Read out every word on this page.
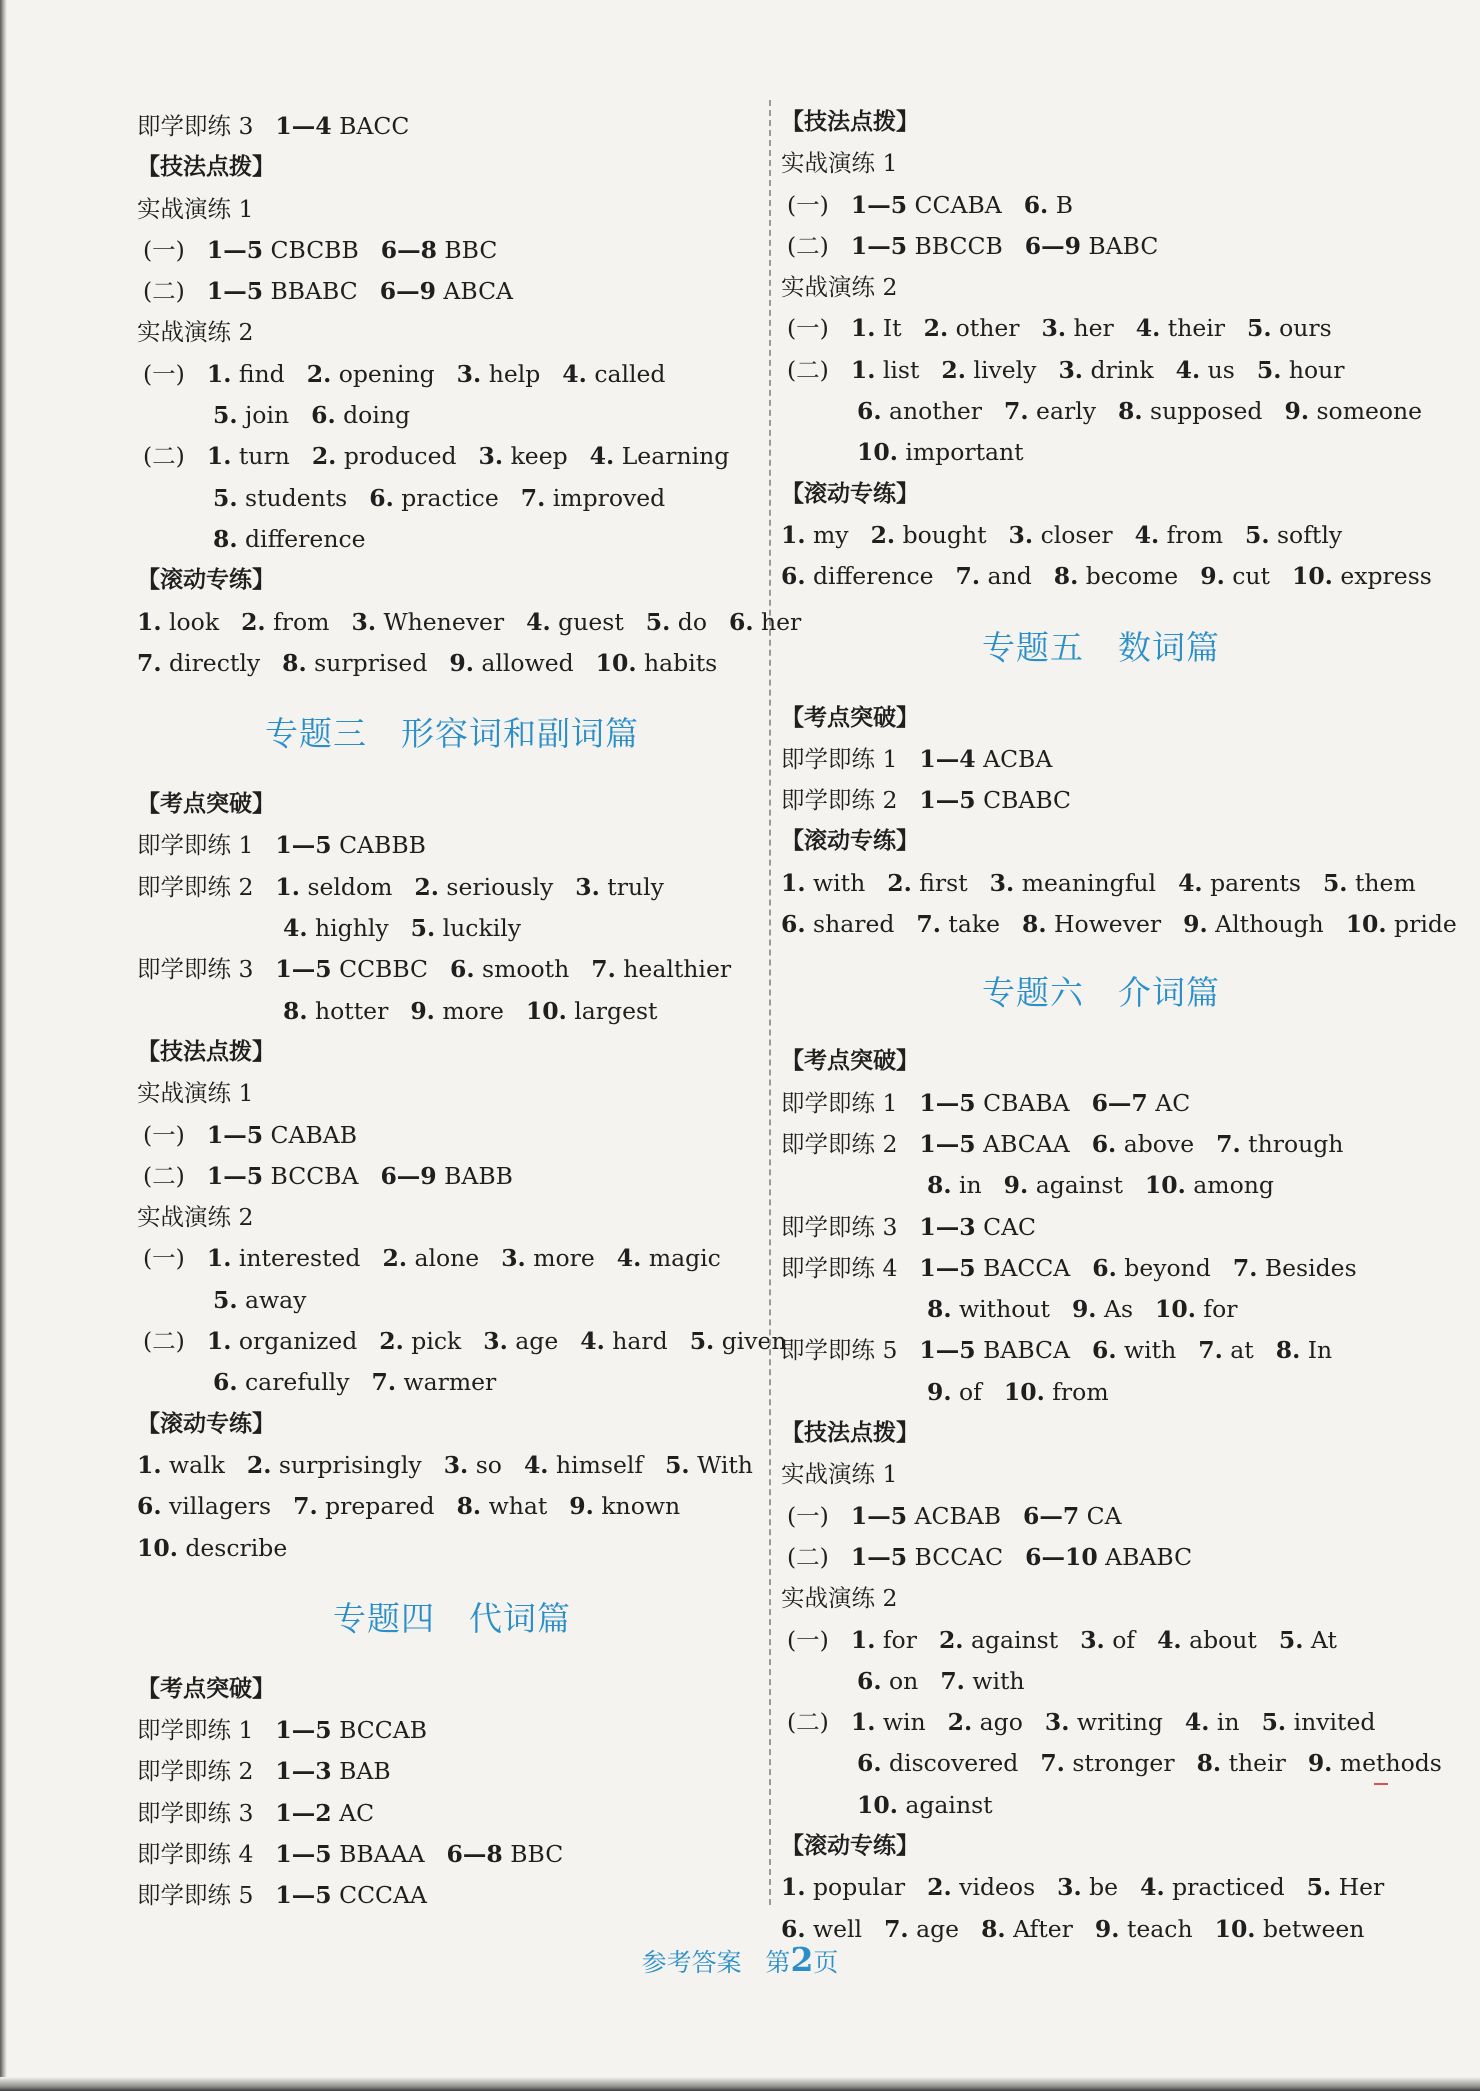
即学即练 3 1—4 BACC
【技法点拨】
实战演练 1
(一) 1—5 CBCBB 6—8 BBC
(二) 1—5 BBABC 6—9 ABCA
实战演练 2
(一) 1. find 2. opening 3. help 4. called
5. join 6. doing
(二) 1. turn 2. produced 3. keep 4. Learning
5. students 6. practice 7. improved
8. difference
【滚动专练】
1. look 2. from 3. Whenever 4. guest 5. do 6. her
7. directly 8. surprised 9. allowed 10. habits
专题三 形容词和副词篇
【考点突破】
即学即练 1 1—5 CABBB
即学即练 2 1. seldom 2. seriously 3. truly
4. highly 5. luckily
即学即练 3 1—5 CCBBC 6. smooth 7. healthier
8. hotter 9. more 10. largest
【技法点拨】
实战演练 1
(一) 1—5 CABAB
(二) 1—5 BCCBA 6—9 BABB
实战演练 2
(一) 1. interested 2. alone 3. more 4. magic
5. away
(二) 1. organized 2. pick 3. age 4. hard 5. given
6. carefully 7. warmer
【滚动专练】
1. walk 2. surprisingly 3. so 4. himself 5. With
6. villagers 7. prepared 8. what 9. known
10. describe
专题四 代词篇
【考点突破】
即学即练 1 1—5 BCCAB
即学即练 2 1—3 BAB
即学即练 3 1—2 AC
即学即练 4 1—5 BBAAA 6—8 BBC
即学即练 5 1—5 CCCAA
【技法点拨】
实战演练 1
(一) 1—5 CCABA 6. B
(二) 1—5 BBCCB 6—9 BABC
实战演练 2
(一) 1. It 2. other 3. her 4. their 5. ours
(二) 1. list 2. lively 3. drink 4. us 5. hour
6. another 7. early 8. supposed 9. someone
10. important
【滚动专练】
1. my 2. bought 3. closer 4. from 5. softly
6. difference 7. and 8. become 9. cut 10. express
专题五 数词篇
【考点突破】
即学即练 1 1—4 ACBA
即学即练 2 1—5 CBABC
【滚动专练】
1. with 2. first 3. meaningful 4. parents 5. them
6. shared 7. take 8. However 9. Although 10. pride
专题六 介词篇
【考点突破】
即学即练 1 1—5 CBABA 6—7 AC
即学即练 2 1—5 ABCAA 6. above 7. through
8. in 9. against 10. among
即学即练 3 1—3 CAC
即学即练 4 1—5 BACCA 6. beyond 7. Besides
8. without 9. As 10. for
即学即练 5 1—5 BABCA 6. with 7. at 8. In
9. of 10. from
【技法点拨】
实战演练 1
(一) 1—5 ACBAB 6—7 CA
(二) 1—5 BCCAC 6—10 ABABC
实战演练 2
(一) 1. for 2. against 3. of 4. about 5. At
6. on 7. with
(二) 1. win 2. ago 3. writing 4. in 5. invited
6. discovered 7. stronger 8. their 9. methods
10. against
【滚动专练】
1. popular 2. videos 3. be 4. practiced 5. Her
6. well 7. age 8. After 9. teach 10. between
参考答案 第2页
